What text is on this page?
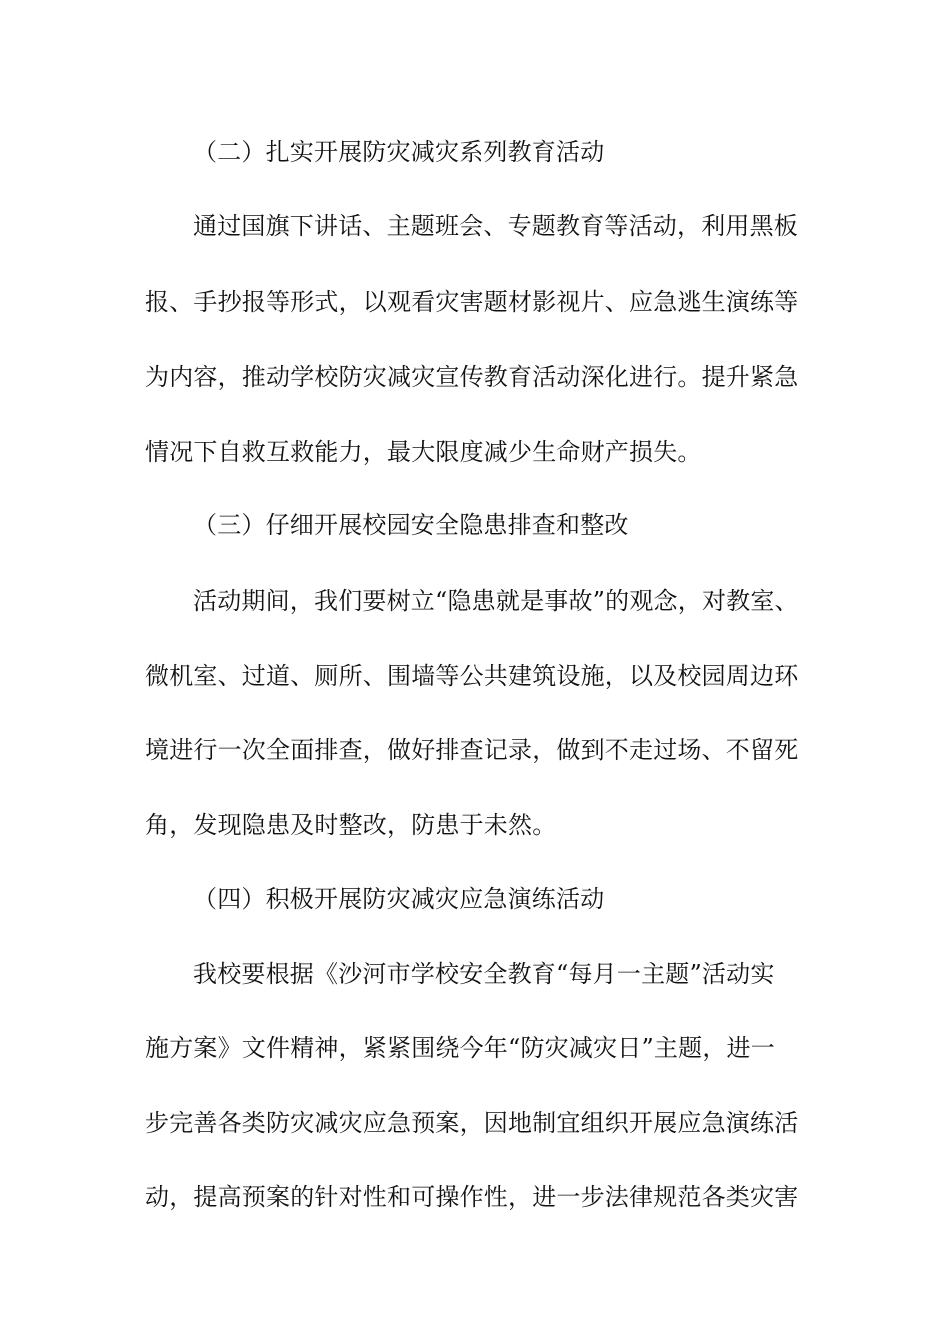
（二）扎实开展防灾减灾系列教育活动
通过国旗下讲话、主题班会、专题教育等活动，利用黑板
报、手抄报等形式，以观看灾害题材影视片、应急逃生演练等
为内容，推动学校防灾减灾宣传教育活动深化进行。提升紧急
情况下自救互救能力，最大限度减少生命财产损失。
（三）仔细开展校园安全隐患排查和整改
活动期间，我们要树立“隐患就是事故”的观念，对教室、
微机室、过道、厕所、围墙等公共建筑设施，以及校园周边环
境进行一次全面排查，做好排查记录，做到不走过场、不留死
角，发现隐患及时整改，防患于未然。
（四）积极开展防灾减灾应急演练活动
我校要根据《沙河市学校安全教育“每月一主题”活动实
施方案》文件精神，紧紧围绕今年“防灾减灾日”主题，进一
步完善各类防灾减灾应急预案，因地制宜组织开展应急演练活
动，提高预案的针对性和可操作性，进一步法律规范各类灾害
